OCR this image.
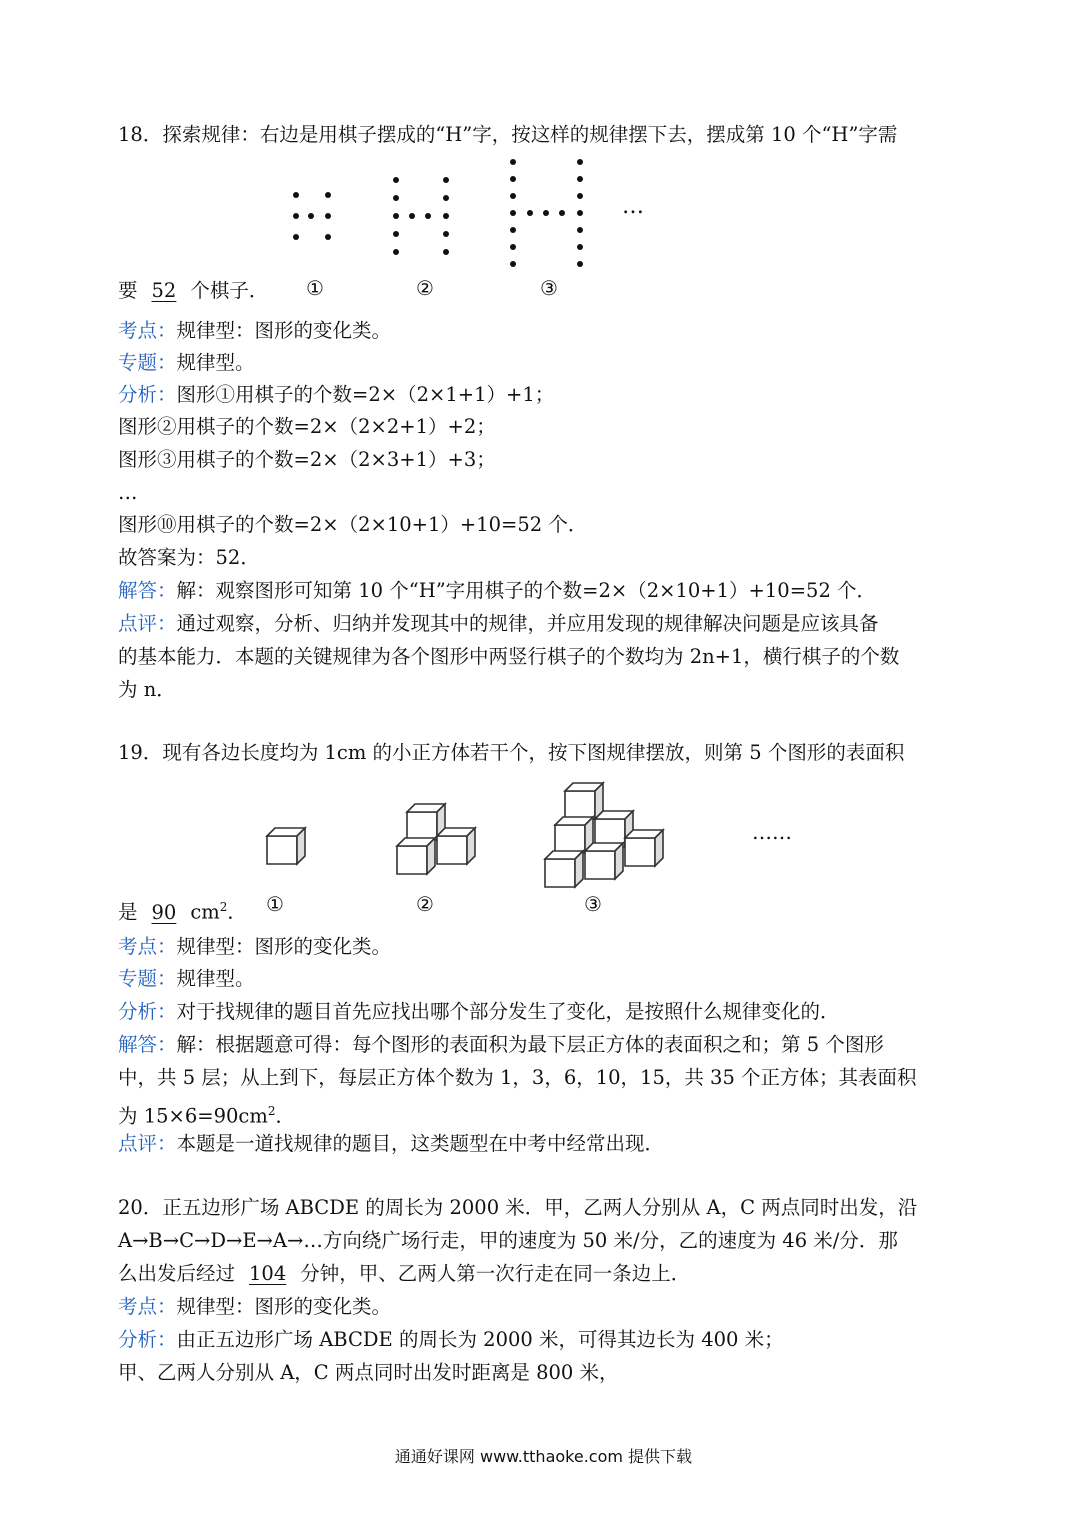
18．探索规律：右边是用棋子摆成的“H”字，按这样的规律摆下去，摆成第 10 个“H”字需
…
要 52 个棋子． ①	②	③
考点：规律型：图形的变化类。
专题：规律型。
分析：图形①用棋子的个数=2×（2×1+1）+1；
图形②用棋子的个数=2×（2×2+1）+2；
图形③用棋子的个数=2×（2×3+1）+3；
…
图形⑩用棋子的个数=2×（2×10+1）+10=52 个．
故答案为：52．
解答：解：观察图形可知第 10 个“H”字用棋子的个数=2×（2×10+1）+10=52 个．
点评：通过观察，分析、归纳并发现其中的规律，并应用发现的规律解决问题是应该具备
的基本能力．本题的关键规律为各个图形中两竖行棋子的个数均为 2n+1，横行棋子的个数
为 n．
19．现有各边长度均为 1cm 的小正方体若干个，按下图规律摆放，则第 5 个图形的表面积
……
是 90 $cm^2$． ①	②	③
考点：规律型：图形的变化类。
专题：规律型。
分析：对于找规律的题目首先应找出哪个部分发生了变化，是按照什么规律变化的．
解答：解：根据题意可得：每个图形的表面积为最下层正方体的表面积之和；第 5 个图形
中，共 5 层；从上到下，每层正方体个数为 1，3，6，10，15，共 35 个正方体；其表面积
为 $15\times 6=90cm^2$．
点评：本题是一道找规律的题目，这类题型在中考中经常出现．
20．正五边形广场 ABCDE 的周长为 2000 米．甲，乙两人分别从 A，C 两点同时出发，沿
A→B→C→D→E→A→…方向绕广场行走，甲的速度为 50 米/分，乙的速度为 46 米/分．那
么出发后经过 104 分钟，甲、乙两人第一次行走在同一条边上．
考点：规律型：图形的变化类。
分析：由正五边形广场 ABCDE 的周长为 2000 米，可得其边长为 400 米；
甲、乙两人分别从 A，C 两点同时出发时距离是 800 米，
通通好课网 www.tthaoke.com 提供下载
